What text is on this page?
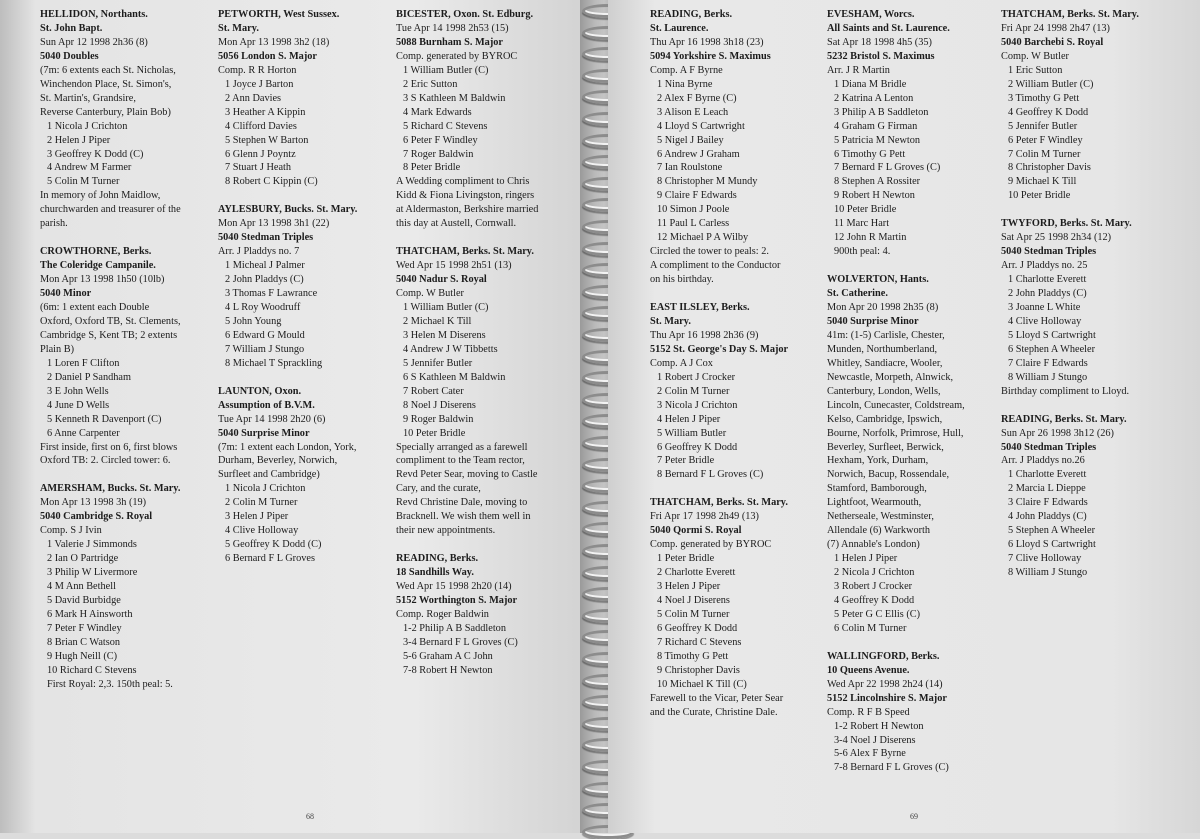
HELLIDON, Northants.
St. John Bapt.
Sun Apr 12 1998 2h36 (8)
5040 Doubles
(7m: 6 extents each St. Nicholas,
Winchendon Place, St. Simon's,
St. Martin's, Grandsire,
Reverse Canterbury, Plain Bob)
1 Nicola J Crichton
2 Helen J Piper
3 Geoffrey K Dodd (C)
4 Andrew M Farmer
5 Colin M Turner
In memory of John Maidlow,
churchwarden and treasurer of the
parish.
CROWTHORNE, Berks.
The Coleridge Campanile.
Mon Apr 13 1998 1h50 (10lb)
5040 Minor
(6m: 1 extent each Double
Oxford, Oxford TB, St. Clements,
Cambridge S, Kent TB; 2 extents
Plain B)
1 Loren F Clifton
2 Daniel P Sandham
3 E John Wells
4 June D Wells
5 Kenneth R Davenport (C)
6 Anne Carpenter
First inside, first on 6, first blows
Oxford TB: 2. Circled tower: 6.
AMERSHAM, Bucks. St. Mary.
Mon Apr 13 1998 3h (19)
5040 Cambridge S. Royal
Comp. S J Ivin
1 Valerie J Simmonds
2 Ian O Partridge
3 Philip W Livermore
4 M Ann Bethell
5 David Burbidge
6 Mark H Ainsworth
7 Peter F Windley
8 Brian C Watson
9 Hugh Neill (C)
10 Richard C Stevens
First Royal: 2,3. 150th peal: 5.
PETWORTH, West Sussex.
St. Mary.
Mon Apr 13 1998 3h2 (18)
5056 London S. Major
Comp. R R Horton
1 Joyce J Barton
2 Ann Davies
3 Heather A Kippin
4 Clifford Davies
5 Stephen W Barton
6 Glenn J Poyntz
7 Stuart J Heath
8 Robert C Kippin (C)
AYLESBURY, Bucks. St. Mary.
Mon Apr 13 1998 3h1 (22)
5040 Stedman Triples
Arr. J Pladdys no. 7
1 Micheal J Palmer
2 John Pladdys (C)
3 Thomas F Lawrance
4 L Roy Woodruff
5 John Young
6 Edward G Mould
7 William J Stungo
8 Michael T Sprackling
LAUNTON, Oxon.
Assumption of B.V.M.
Tue Apr 14 1998 2h20 (6)
5040 Surprise Minor
(7m: 1 extent each London, York,
Durham, Beverley, Norwich,
Surfleet and Cambridge)
1 Nicola J Crichton
2 Colin M Turner
3 Helen J Piper
4 Clive Holloway
5 Geoffrey K Dodd (C)
6 Bernard F L Groves
BICESTER, Oxon. St. Edburg.
Tue Apr 14 1998 2h53 (15)
5088 Burnham S. Major
Comp. generated by BYROC
1 William Butler (C)
2 Eric Sutton
3 S Kathleen M Baldwin
4 Mark Edwards
5 Richard C Stevens
6 Peter F Windley
7 Roger Baldwin
8 Peter Bridle
A Wedding compliment to Chris
Kidd & Fiona Livingston, ringers
at Aldermaston, Berkshire married
this day at Austell, Cornwall.
THATCHAM, Berks. St. Mary.
Wed Apr 15 1998 2h51 (13)
5040 Nadur S. Royal
Comp. W Butler
1 William Butler (C)
2 Michael K Till
3 Helen M Diserens
4 Andrew J W Tibbetts
5 Jennifer Butler
6 S Kathleen M Baldwin
7 Robert Cater
8 Noel J Diserens
9 Roger Baldwin
10 Peter Bridle
Specially arranged as a farewell
compliment to the Team rector,
Revd Peter Sear, moving to Castle
Cary, and the curate,
Revd Christine Dale, moving to
Bracknell. We wish them well in
their new appointments.
READING, Berks.
18 Sandhills Way.
Wed Apr 15 1998 2h20 (14)
5152 Worthington S. Major
Comp. Roger Baldwin
1-2 Philip A B Saddleton
3-4 Bernard F L Groves (C)
5-6 Graham A C John
7-8 Robert H Newton
68
READING, Berks.
St. Laurence.
Thu Apr 16 1998 3h18 (23)
5094 Yorkshire S. Maximus
Comp. A F Byrne
1 Nina Byrne
2 Alex F Byrne (C)
3 Alison E Leach
4 Lloyd S Cartwright
5 Nigel J Bailey
6 Andrew J Graham
7 Ian Roulstone
8 Christopher M Mundy
9 Claire F Edwards
10 Simon J Poole
11 Paul L Carless
12 Michael P A Wilby
Circled the tower to peals: 2.
A compliment to the Conductor
on his birthday.
EAST ILSLEY, Berks.
St. Mary.
Thu Apr 16 1998 2h36 (9)
5152 St. George's Day S. Major
Comp. A J Cox
1 Robert J Crocker
2 Colin M Turner
3 Nicola J Crichton
4 Helen J Piper
5 William Butler
6 Geoffrey K Dodd
7 Peter Bridle
8 Bernard F L Groves (C)
THATCHAM, Berks. St. Mary.
Fri Apr 17 1998 2h49 (13)
5040 Qormi S. Royal
Comp. generated by BYROC
1 Peter Bridle
2 Charlotte Everett
3 Helen J Piper
4 Noel J Diserens
5 Colin M Turner
6 Geoffrey K Dodd
7 Richard C Stevens
8 Timothy G Pett
9 Christopher Davis
10 Michael K Till (C)
Farewell to the Vicar, Peter Sear
and the Curate, Christine Dale.
EVESHAM, Worcs.
All Saints and St. Laurence.
Sat Apr 18 1998 4h5 (35)
5232 Bristol S. Maximus
Arr. J R Martin
1 Diana M Bridle
2 Katrina A Lenton
3 Philip A B Saddleton
4 Graham G Firman
5 Patricia M Newton
6 Timothy G Pett
7 Bernard F L Groves (C)
8 Stephen A Rossiter
9 Robert H Newton
10 Peter Bridle
11 Marc Hart
12 John R Martin
900th peal: 4.
WOLVERTON, Hants.
St. Catherine.
Mon Apr 20 1998 2h35 (8)
5040 Surprise Minor
41m: (1-5) Carlisle, Chester,
Munden, Northumberland,
Whitley, Sandiacre, Wooler,
Newcastle, Morpeth, Alnwick,
Canterbury, London, Wells,
Lincoln, Cunecaster, Coldstream,
Kelso, Cambridge, Ipswich,
Bourne, Norfolk, Primrose, Hull,
Beverley, Surfleet, Berwick,
Hexham, York, Durham,
Norwich, Bacup, Rossendale,
Stamford, Bamborough,
Lightfoot, Wearmouth,
Netherseale, Westminster,
Allendale (6) Warkworth
(7) Annable's London)
1 Helen J Piper
2 Nicola J Crichton
3 Robert J Crocker
4 Geoffrey K Dodd
5 Peter G C Ellis (C)
6 Colin M Turner
WALLINGFORD, Berks.
10 Queens Avenue.
Wed Apr 22 1998 2h24 (14)
5152 Lincolnshire S. Major
Comp. R F B Speed
1-2 Robert H Newton
3-4 Noel J Diserens
5-6 Alex F Byrne
7-8 Bernard F L Groves (C)
THATCHAM, Berks. St. Mary.
Fri Apr 24 1998 2h47 (13)
5040 Barchebi S. Royal
Comp. W Butler
1 Eric Sutton
2 William Butler (C)
3 Timothy G Pett
4 Geoffrey K Dodd
5 Jennifer Butler
6 Peter F Windley
7 Colin M Turner
8 Christopher Davis
9 Michael K Till
10 Peter Bridle
TWYFORD, Berks. St. Mary.
Sat Apr 25 1998 2h34 (12)
5040 Stedman Triples
Arr. J Pladdys no. 25
1 Charlotte Everett
2 John Pladdys (C)
3 Joanne L White
4 Clive Holloway
5 Lloyd S Cartwright
6 Stephen A Wheeler
7 Claire F Edwards
8 William J Stungo
Birthday compliment to Lloyd.
READING, Berks. St. Mary.
Sun Apr 26 1998 3h12 (26)
5040 Stedman Triples
Arr. J Pladdys no.26
1 Charlotte Everett
2 Marcia L Dieppe
3 Claire F Edwards
4 John Pladdys (C)
5 Stephen A Wheeler
6 Lloyd S Cartwright
7 Clive Holloway
8 William J Stungo
69
